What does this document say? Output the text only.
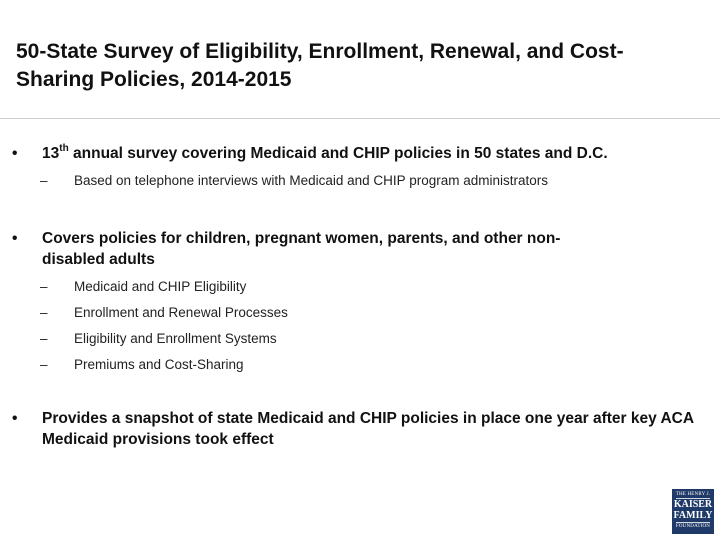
50-State Survey of Eligibility, Enrollment, Renewal, and Cost-Sharing Policies, 2014-2015
•	13th annual survey covering Medicaid and CHIP policies in 50 states and D.C.
– Based on telephone interviews with Medicaid and CHIP program administrators
•	Covers policies for children, pregnant women, parents, and other non-disabled adults
– Medicaid and CHIP Eligibility
– Enrollment and Renewal Processes
– Eligibility and Enrollment Systems
– Premiums and Cost-Sharing
•	Provides a snapshot of state Medicaid and CHIP policies in place one year after key ACA Medicaid provisions took effect
THE HENRY J.
KAISER
FAMILY
FOUNDATION
